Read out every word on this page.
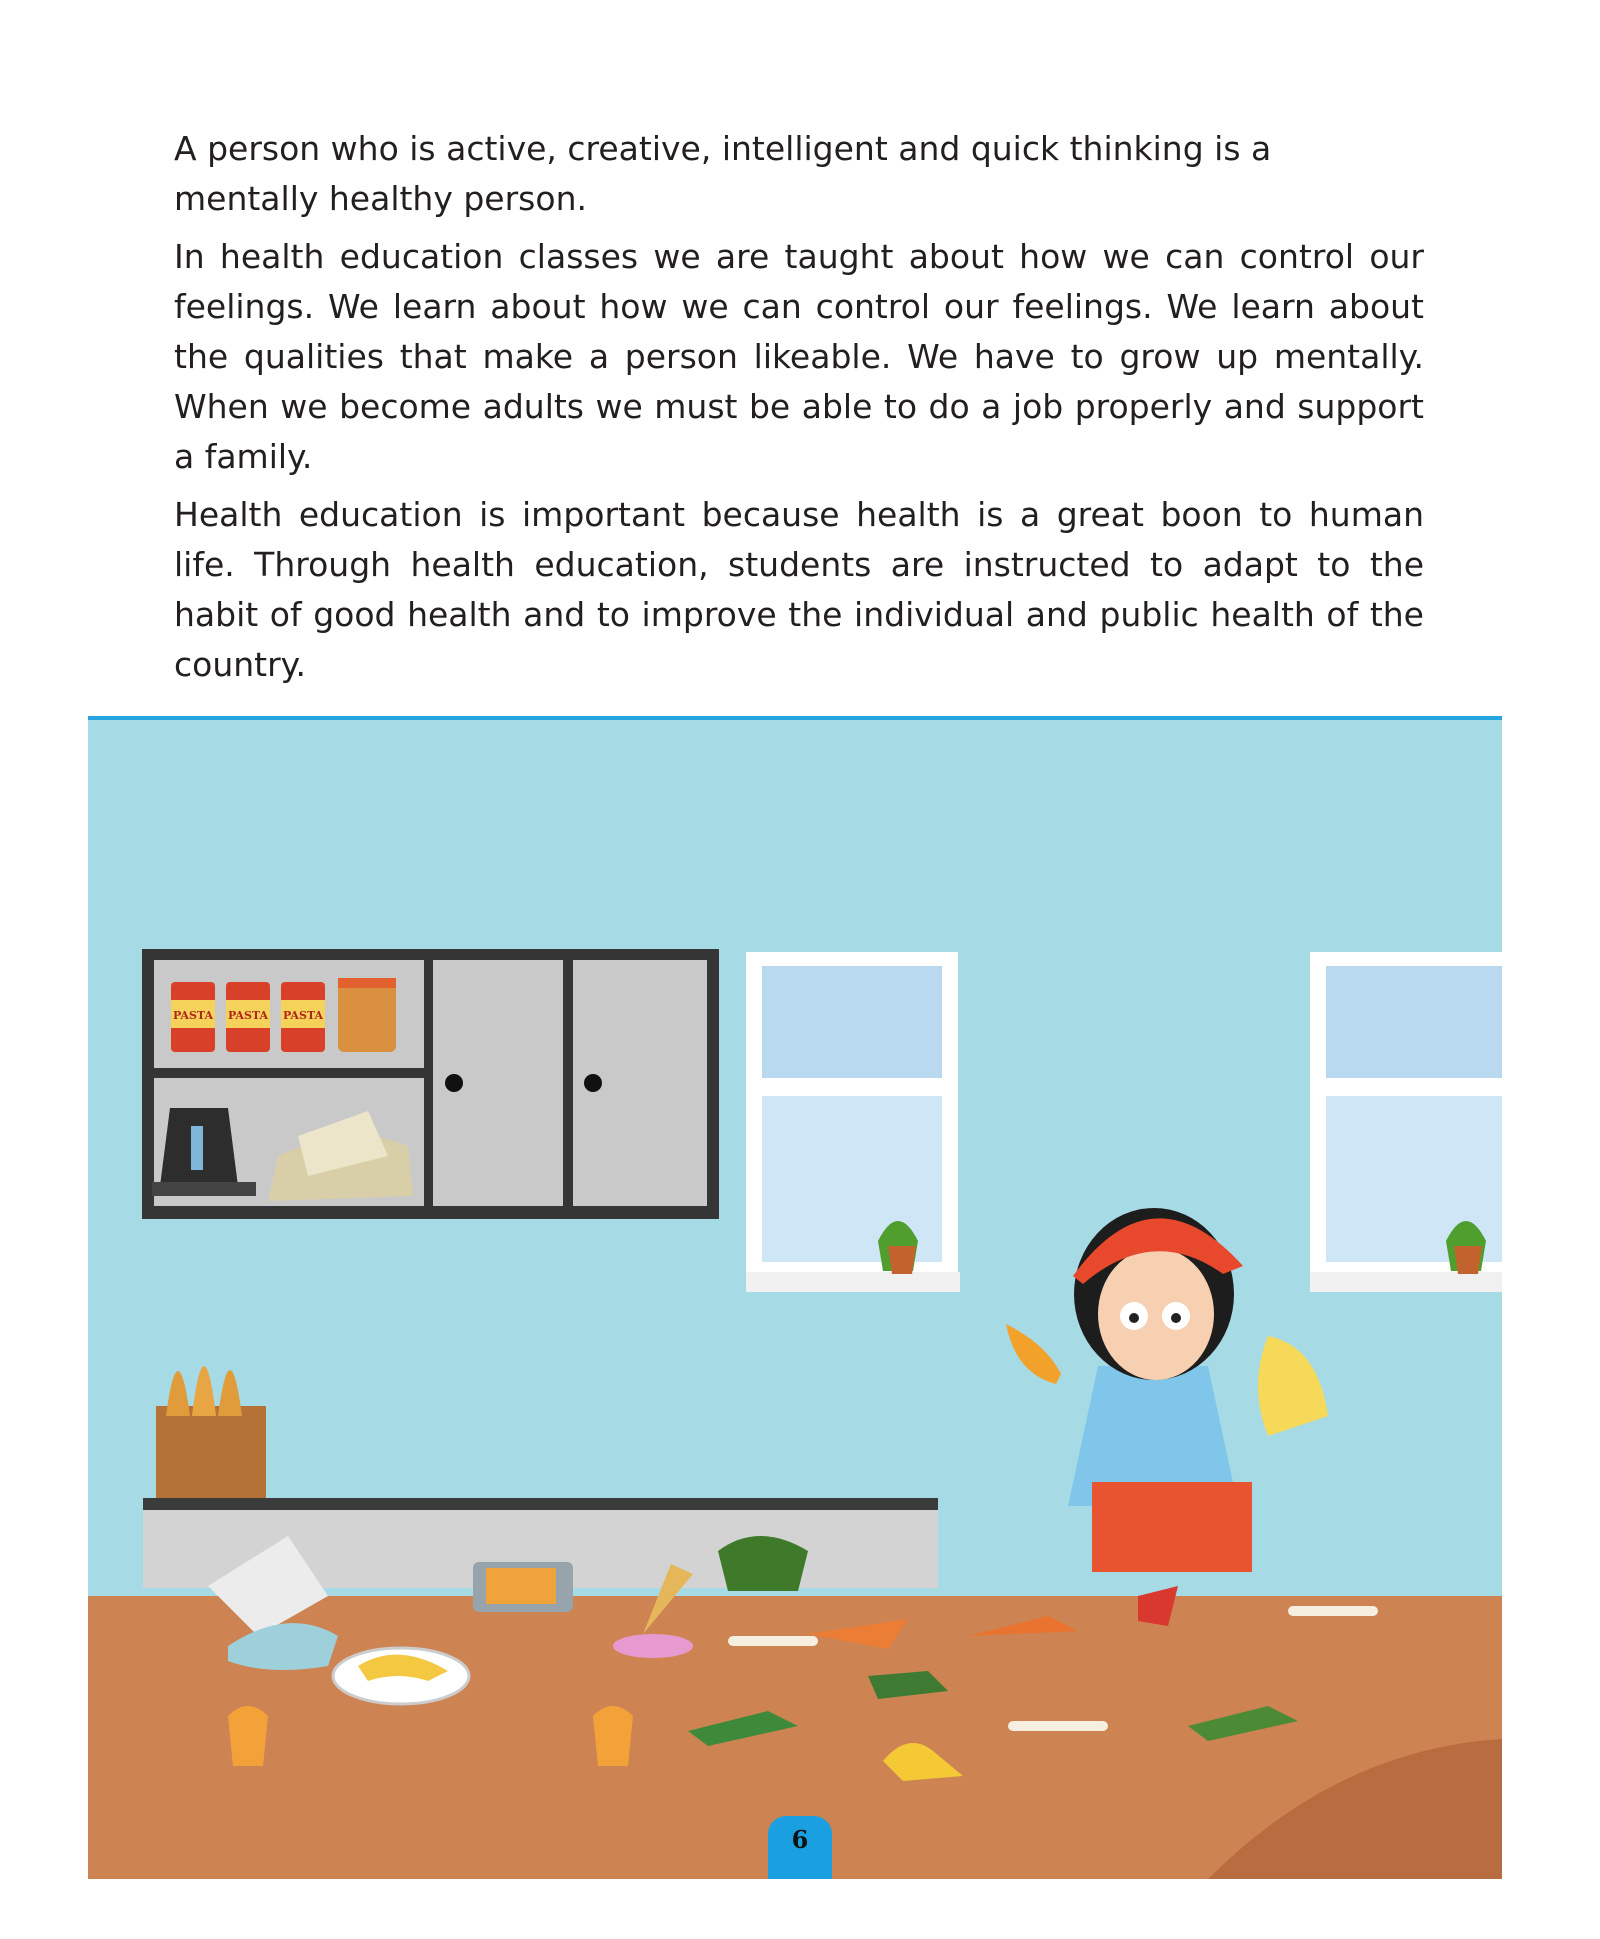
A person who is active, creative, intelligent and quick thinking is a mentally healthy person.

In health education classes we are taught about how we can control our feelings. We learn about how we can control our feelings. We learn about the qualities that make a person likeable. We have to grow up mentally. When we become adults we must be able to do a job properly and support a family.

Health education is important because health is a great boon to human life. Through health education, students are instructed to adapt to the habit of good health and to improve the individual and public health of the country.

PASTA PASTA PASTA
6
